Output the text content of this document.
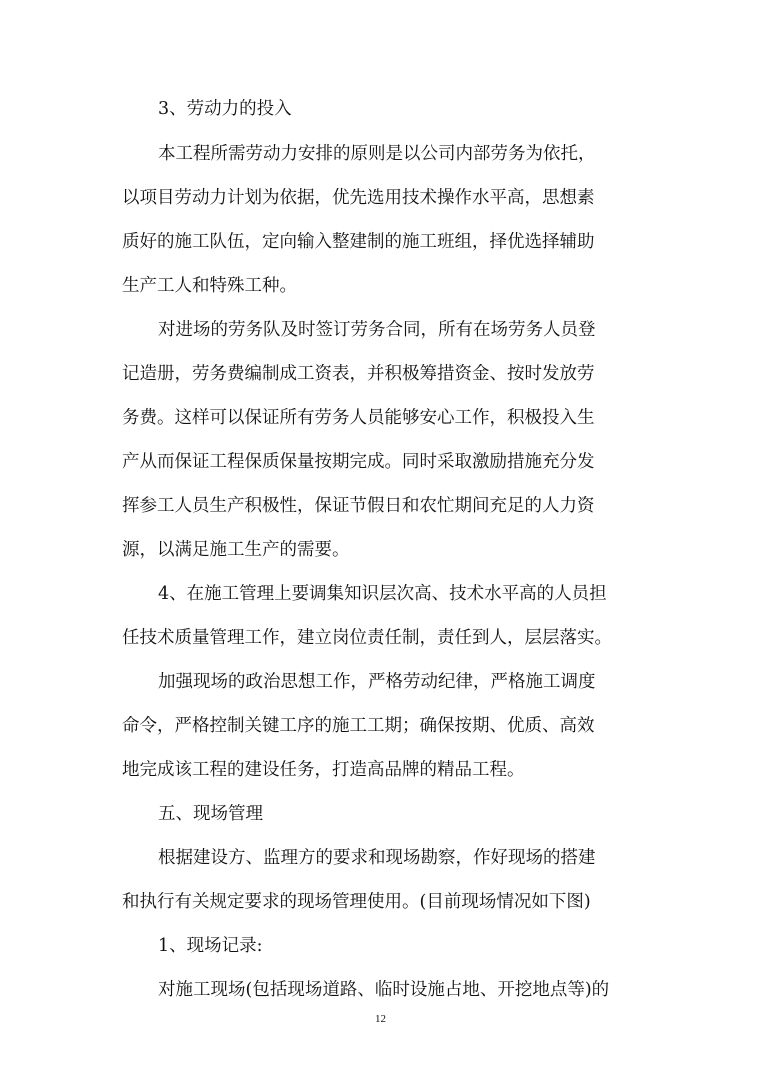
3、劳动力的投入

本工程所需劳动力安排的原则是以公司内部劳务为依托，

以项目劳动力计划为依据，优先选用技术操作水平高，思想素

质好的施工队伍，定向输入整建制的施工班组，择优选择辅助

生产工人和特殊工种。

对进场的劳务队及时签订劳务合同，所有在场劳务人员登

记造册，劳务费编制成工资表，并积极筹措资金、按时发放劳

务费。这样可以保证所有劳务人员能够安心工作，积极投入生

产从而保证工程保质保量按期完成。同时采取激励措施充分发

挥参工人员生产积极性，保证节假日和农忙期间充足的人力资

源，以满足施工生产的需要。

4、在施工管理上要调集知识层次高、技术水平高的人员担

任技术质量管理工作，建立岗位责任制，责任到人，层层落实。

加强现场的政治思想工作，严格劳动纪律，严格施工调度

命令，严格控制关键工序的施工工期；确保按期、优质、高效

地完成该工程的建设任务，打造高品牌的精品工程。

五、现场管理

根据建设方、监理方的要求和现场勘察，作好现场的搭建

和执行有关规定要求的现场管理使用。(目前现场情况如下图)

1、现场记录:

对施工现场(包括现场道路、临时设施占地、开挖地点等)的

12
